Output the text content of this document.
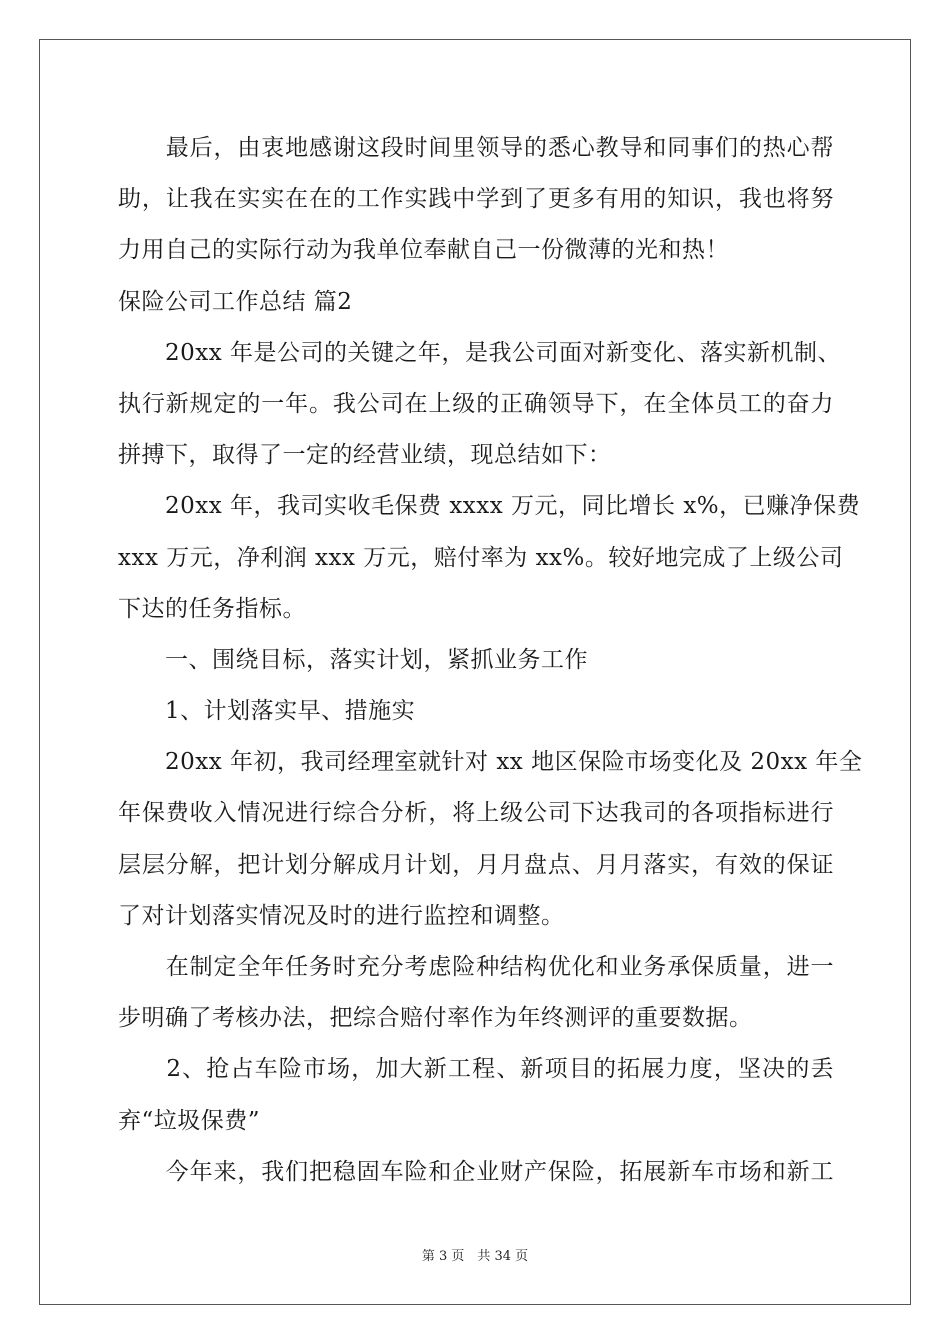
　　最后，由衷地感谢这段时间里领导的悉心教导和同事们的热心帮
助，让我在实实在在的工作实践中学到了更多有用的知识，我也将努
力用自己的实际行动为我单位奉献自己一份微薄的光和热！
保险公司工作总结 篇2
　　20xx 年是公司的关键之年，是我公司面对新变化、落实新机制、
执行新规定的一年。我公司在上级的正确领导下，在全体员工的奋力
拼搏下，取得了一定的经营业绩，现总结如下：
　　20xx 年，我司实收毛保费 xxxx 万元，同比增长 x%，已赚净保费
xxx 万元，净利润 xxx 万元，赔付率为 xx%。较好地完成了上级公司
下达的任务指标。
　　一、围绕目标，落实计划，紧抓业务工作
　　1、计划落实早、措施实
　　20xx 年初，我司经理室就针对 xx 地区保险市场变化及 20xx 年全
年保费收入情况进行综合分析，将上级公司下达我司的各项指标进行
层层分解，把计划分解成月计划，月月盘点、月月落实，有效的保证
了对计划落实情况及时的进行监控和调整。
　　在制定全年任务时充分考虑险种结构优化和业务承保质量，进一
步明确了考核办法，把综合赔付率作为年终测评的重要数据。
　　2、抢占车险市场，加大新工程、新项目的拓展力度，坚决的丢
弃“垃圾保费”
　　今年来，我们把稳固车险和企业财产保险，拓展新车市场和新工
第 3 页　共 34 页
